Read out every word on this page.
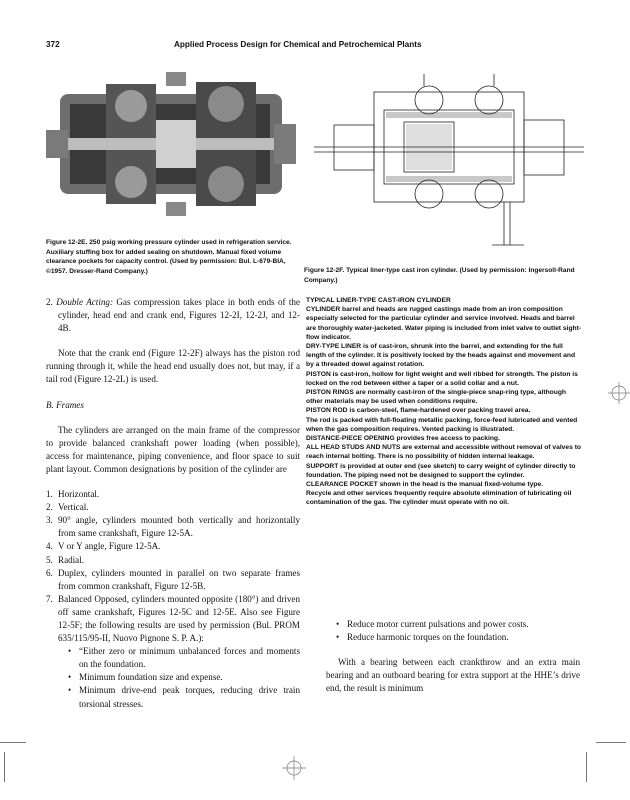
372	Applied Process Design for Chemical and Petrochemical Plants
Figure 12-2E. 250 psig working pressure cylinder used in refrigeration service. Auxiliary stuffing box for added sealing on shutdown. Manual fixed volume clearance pockets for capacity control. (Used by permission: Bul. L-679-BIA, ©1957. Dresser-Rand Company.)	Figure 12-2F. Typical liner-type cast iron cylinder. (Used by permission: Ingersoll-Rand Company.)

2. Double Acting: Gas compression takes place in both ends of the cylinder, head end and crank end, Figures 12-2I, 12-2J, and 12-4B.

Note that the crank end (Figure 12-2F) always has the piston rod running through it, while the head end usually does not, but may, if a tail rod (Figure 12-2L) is used.

B. Frames

The cylinders are arranged on the main frame of the compressor to provide balanced crankshaft power loading (when possible), access for maintenance, piping convenience, and floor space to suit plant layout. Common designations by position of the cylinder are

1. Horizontal.
2. Vertical.
3. 90° angle, cylinders mounted both vertically and horizontally from same crankshaft, Figure 12-5A.
4. V or Y angle, Figure 12-5A.
5. Radial.
6. Duplex, cylinders mounted in parallel on two separate frames from common crankshaft, Figure 12-5B.
7. Balanced Opposed, cylinders mounted opposite (180°) and driven off same crankshaft, Figures 12-5C and 12-5E. Also see Figure 12-5F; the following results are used by permission (Bul. PROM 635/115/95-II, Nuovo Pignone S. P. A.):
• “Either zero or minimum unbalanced forces and moments on the foundation.
• Minimum foundation size and expense.
• Minimum drive-end peak torques, reducing drive train torsional stresses.

TYPICAL LINER-TYPE CAST-IRON CYLINDER

CYLINDER barrel and heads are rugged castings made from an iron composition especially selected for the particular cylinder and service involved. Heads and barrel are thoroughly water-jacketed. Water piping is included from inlet valve to outlet sight-flow indicator.

DRY-TYPE LINER is of cast-iron, shrunk into the barrel, and extending for the full length of the cylinder. It is positively locked by the heads against end movement and by a threaded dowel against rotation.

PISTON is cast-iron, hollow for light weight and well ribbed for strength. The piston is locked on the rod between either a taper or a solid collar and a nut.

PISTON RINGS are normally cast-iron of the single-piece snap-ring type, although other materials may be used when conditions require.

PISTON ROD is carbon-steel, flame-hardened over packing travel area.

The rod is packed with full-floating metallic packing, force-feed lubricated and vented when the gas composition requires. Vented packing is illustrated.

DISTANCE-PIECE OPENING provides free access to packing.

ALL HEAD STUDS AND NUTS are external and accessible without removal of valves to reach internal bolting. There is no possibility of hidden internal leakage.

SUPPORT is provided at outer end (see sketch) to carry weight of cylinder directly to foundation. The piping need not be designed to support the cylinder.

CLEARANCE POCKET shown in the head is the manual fixed-volume type.

Recycle and other services frequently require absolute elimination of lubricating oil contamination of the gas. The cylinder must operate with no oil.

• Reduce motor current pulsations and power costs.
• Reduce harmonic torques on the foundation.

With a bearing between each crankthrow and an extra main bearing and an outboard bearing for extra support at the HHE’s drive end, the result is minimum
